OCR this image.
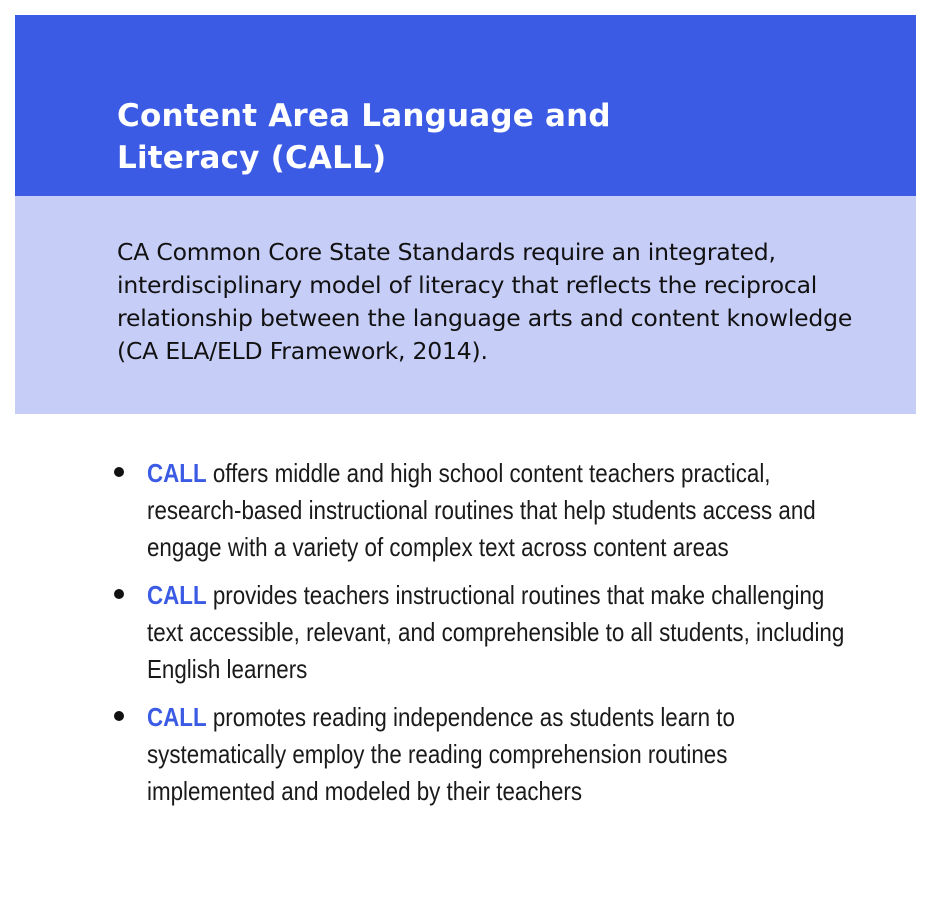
Content Area Language and
Literacy (CALL)

CA Common Core State Standards require an integrated, interdisciplinary model of literacy that reflects the reciprocal relationship between the language arts and content knowledge (CA ELA/ELD Framework, 2014).

CALL offers middle and high school content teachers practical, research-based instructional routines that help students access and engage with a variety of complex text across content areas
CALL provides teachers instructional routines that make challenging text accessible, relevant, and comprehensible to all students, including English learners
CALL promotes reading independence as students learn to systematically employ the reading comprehension routines implemented and modeled by their teachers
